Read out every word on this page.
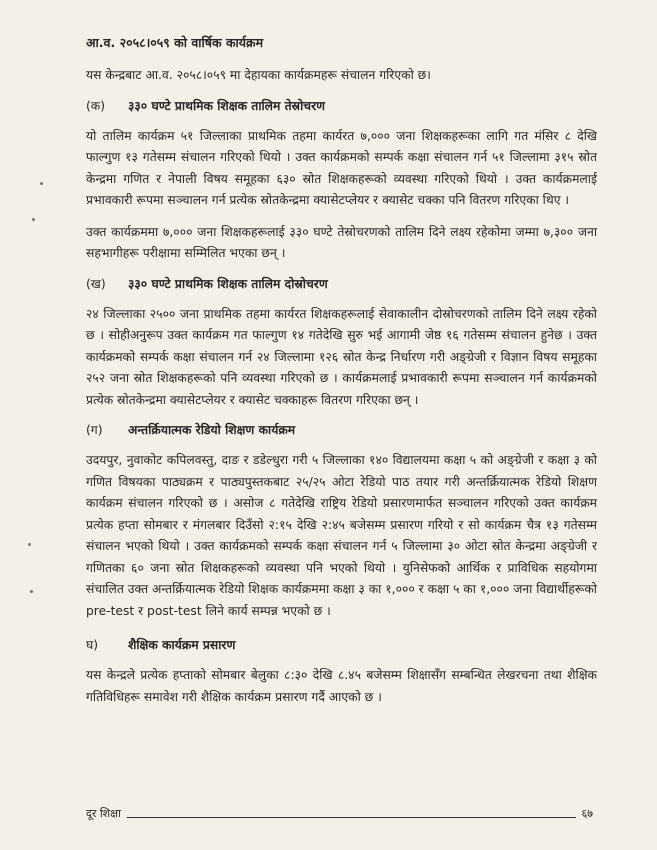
आ.व. २०५८।०५९ को वार्षिक कार्यक्रम
यस केन्द्रबाट आ.व. २०५८।०५९ मा देहायका कार्यक्रमहरू संचालन गरिएको छ।
(क)	३३० घण्टे प्राथमिक शिक्षक तालिम तेस्रोचरण
यो तालिम कार्यक्रम ५१ जिल्लाका प्राथमिक तहमा कार्यरत ७,००० जना शिक्षकहरूका लागि गत मंसिर ८ देखि फाल्गुण १३ गतेसम्म संचालन गरिएको थियो । उक्त कार्यक्रमको सम्पर्क कक्षा संचालन गर्न ५१ जिल्लामा ३१५ स्रोत केन्द्रमा गणित र नेपाली विषय समूहका ६३० स्रोत शिक्षकहरूको व्यवस्था गरिएको थियो । उक्त कार्यक्रमलाई प्रभावकारी रूपमा सञ्चालन गर्न प्रत्येक स्रोतकेन्द्रमा क्यासेटप्लेयर र क्यासेट चक्का पनि वितरण गरिएका थिए ।
उक्त कार्यक्रममा ७,००० जना शिक्षकहरूलाई ३३० घण्टे तेस्रोचरणको तालिम दिने लक्ष्य रहेकोमा जम्मा ७,३०० जना सहभागीहरू परीक्षामा सम्मिलित भएका छन् ।
(ख)	३३० घण्टे प्राथमिक शिक्षक तालिम दोस्रोचरण
२४ जिल्लाका २५०० जना प्राथमिक तहमा कार्यरत शिक्षकहरूलाई सेवाकालीन दोस्रोचरणको तालिम दिने लक्ष्य रहेको छ । सोहीअनुरूप उक्त कार्यक्रम गत फाल्गुण १४ गतेदेखि सुरु भई आगामी जेष्ठ १६ गतेसम्म संचालन हुनेछ । उक्त कार्यक्रमको सम्पर्क कक्षा संचालन गर्न २४ जिल्लामा १२६ स्रोत केन्द्र निर्धारण गरी अङ्ग्रेजी र विज्ञान विषय समूहका २५२ जना स्रोत शिक्षकहरूको पनि व्यवस्था गरिएको छ । कार्यक्रमलाई प्रभावकारी रूपमा सञ्चालन गर्न कार्यक्रमको प्रत्येक स्रोतकेन्द्रमा क्यासेटप्लेयर र क्यासेट चक्काहरू वितरण गरिएका छन् ।
(ग)	अन्तर्क्रियात्मक रेडियो शिक्षण कार्यक्रम
उदयपुर, नुवाकोट कपिलवस्तु, दाङ र डडेल्धुरा गरी ५ जिल्लाका १४० विद्यालयमा कक्षा ५ को अङ्ग्रेजी र कक्षा ३ को गणित विषयका पाठ्यक्रम र पाठ्यपुस्तकबाट २५/२५ ओटा रेडियो पाठ तयार गरी अन्तर्क्रियात्मक रेडियो शिक्षण कार्यक्रम संचालन गरिएको छ । असोज ८ गतेदेखि राष्ट्रिय रेडियो प्रसारणमार्फत सञ्चालन गरिएको उक्त कार्यक्रम प्रत्येक हप्ता सोमबार र मंगलबार दिउँसो २:१५ देखि २:४५ बजेसम्म प्रसारण गरियो र सो कार्यक्रम चैत्र १३ गतेसम्म संचालन भएको थियो । उक्त कार्यक्रमको सम्पर्क कक्षा संचालन गर्न ५ जिल्लामा ३० ओटा स्रोत केन्द्रमा अङ्ग्रेजी र गणितका ६० जना स्रोत शिक्षकहरूको व्यवस्था पनि भएको थियो । युनिसेफको आर्थिक र प्राविधिक सहयोगमा संचालित उक्त अन्तर्क्रियात्मक रेडियो शिक्षक कार्यक्रममा कक्षा ३ का १,००० र कक्षा ५ का १,००० जना विद्यार्थीहरूको pre-test र post-test लिने कार्य सम्पन्न भएको छ ।
घ)	शैक्षिक कार्यक्रम प्रसारण
यस केन्द्रले प्रत्येक हप्ताको सोमबार बेलुका ८:३० देखि ८.४५ बजेसम्म शिक्षासँग सम्बन्धित लेखरचना तथा शैक्षिक गतिविधिहरू समावेश गरी शैक्षिक कार्यक्रम प्रसारण गर्दै आएको छ ।
दूर शिक्षा	६७
